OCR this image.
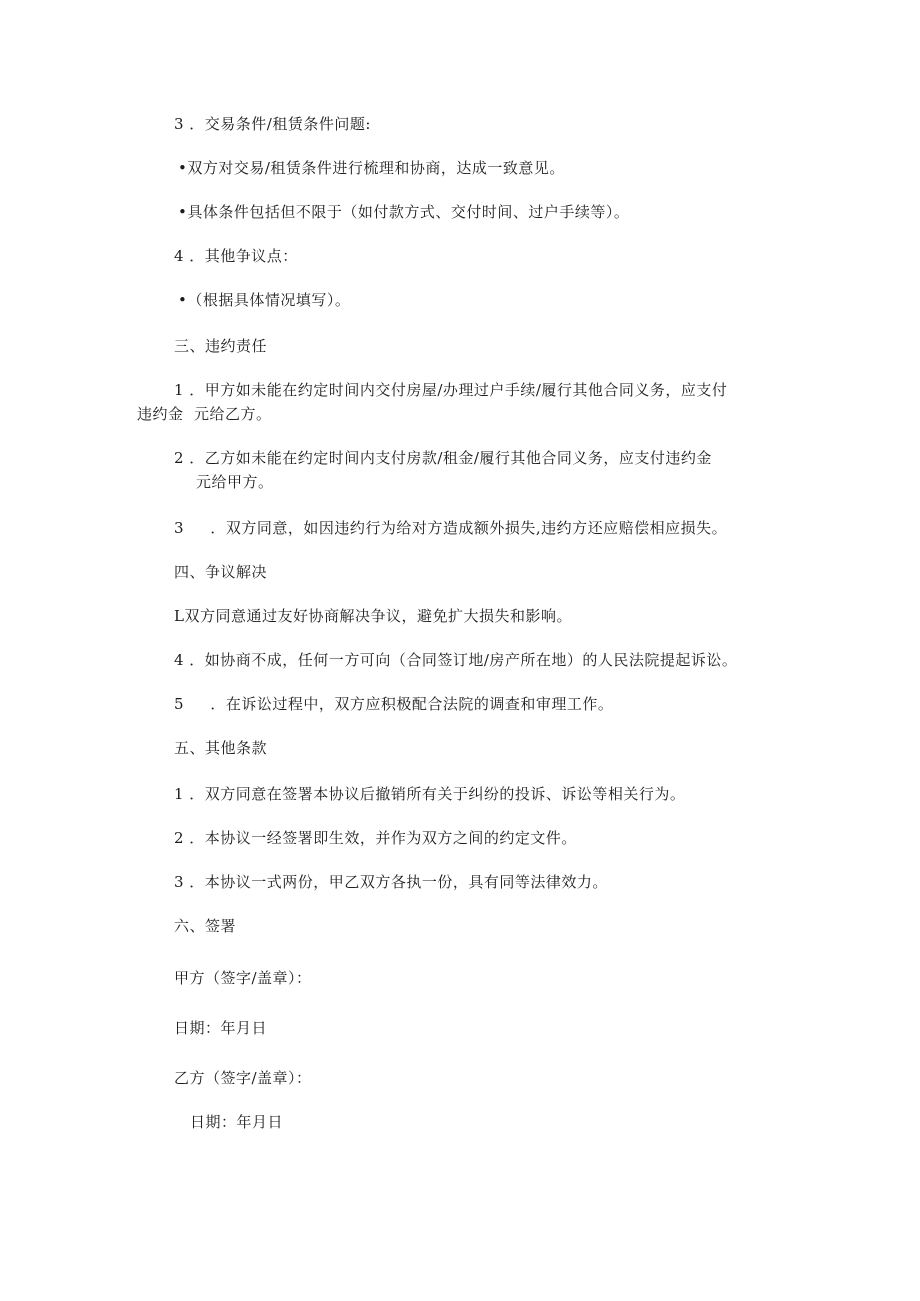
3 ．交易条件/租赁条件问题:
•双方对交易/租赁条件进行梳理和协商，达成一致意见。
•具体条件包括但不限于（如付款方式、交付时间、过户手续等）。
4 ．其他争议点：
•（根据具体情况填写）。
三、违约责任
1 ．甲方如未能在约定时间内交付房屋/办理过户手续/履行其他合同义务，应支付
违约金  元给乙方。
2 ．乙方如未能在约定时间内支付房款/租金/履行其他合同义务，应支付违约金
元给甲方。
3     ．双方同意，如因违约行为给对方造成额外损失,违约方还应赔偿相应损失。
四、争议解决
L双方同意通过友好协商解决争议，避免扩大损失和影响。
4 ．如协商不成，任何一方可向（合同签订地/房产所在地）的人民法院提起诉讼。
5     ．在诉讼过程中，双方应积极配合法院的调查和审理工作。
五、其他条款
1 ．双方同意在签署本协议后撤销所有关于纠纷的投诉、诉讼等相关行为。
2 ．本协议一经签署即生效，并作为双方之间的约定文件。
3 ．本协议一式两份，甲乙双方各执一份，具有同等法律效力。
六、签署
甲方（签字/盖章）：
日期：年月日
乙方（签字/盖章）：
日期：年月日
